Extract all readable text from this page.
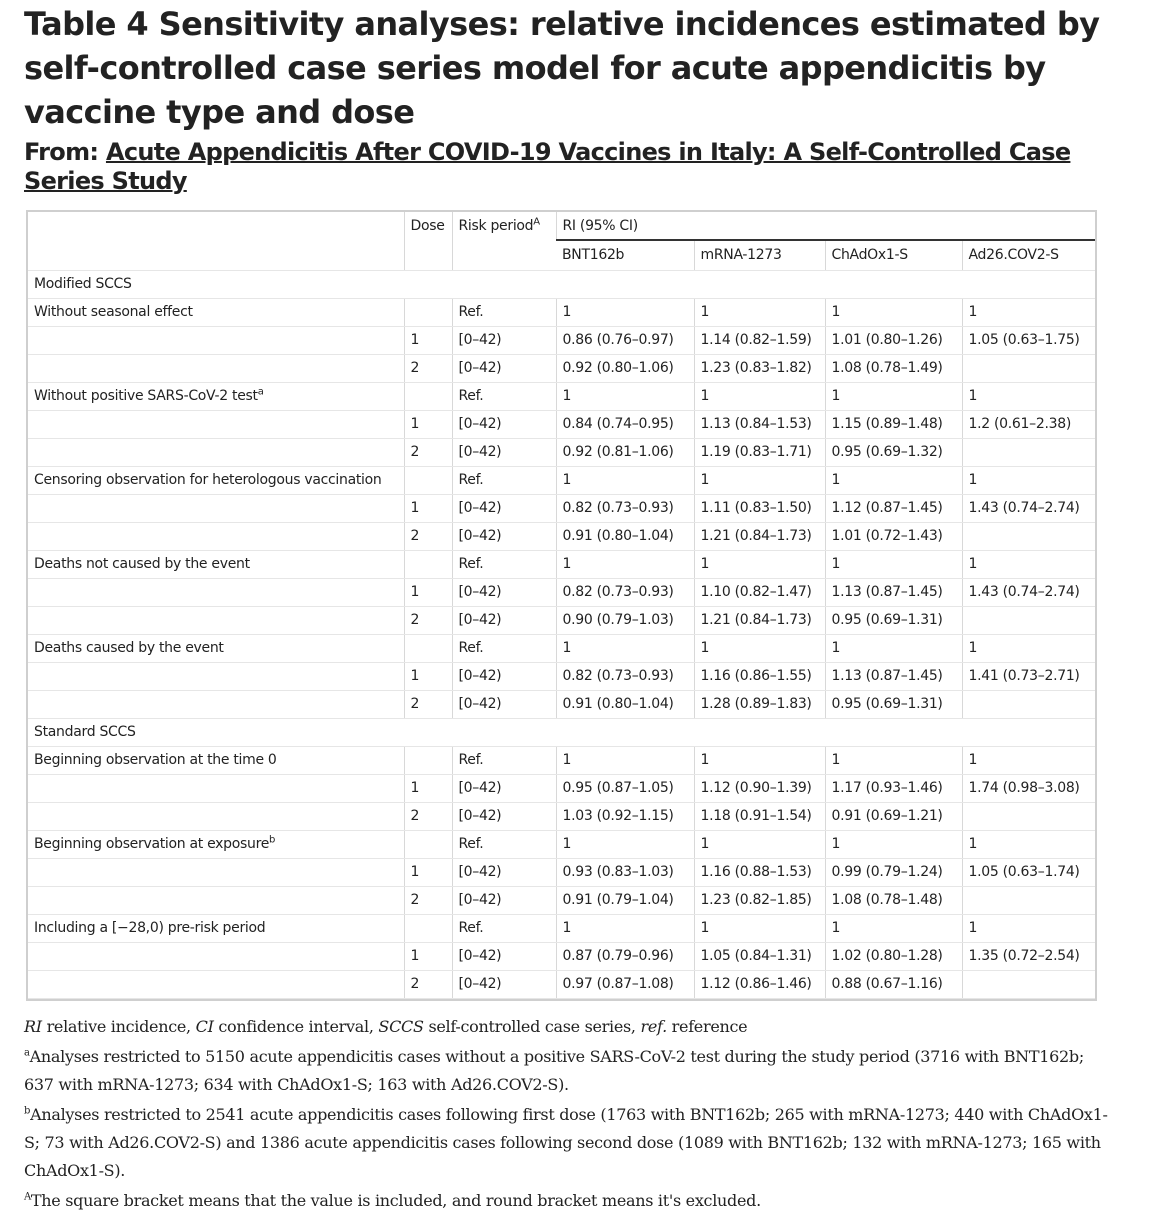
Table 4 Sensitivity analyses: relative incidences estimated by self-controlled case series model for acute appendicitis by vaccine type and dose
From: Acute Appendicitis After COVID-19 Vaccines in Italy: A Self-Controlled Case Series Study
	Dose	Risk period$^A$	RI (95% CI)			
			BNT162b	mRNA-1273	ChAdOx1-S	Ad26.COV2-S
Modified SCCS						
Without seasonal effect		Ref.	1	1	1	1
	1	[0–42)	0.86 (0.76–0.97)	1.14 (0.82–1.59)	1.01 (0.80–1.26)	1.05 (0.63–1.75)
	2	[0–42)	0.92 (0.80–1.06)	1.23 (0.83–1.82)	1.08 (0.78–1.49)	
Without positive SARS-CoV-2 test$^a$		Ref.	1	1	1	1
	1	[0–42)	0.84 (0.74–0.95)	1.13 (0.84–1.53)	1.15 (0.89–1.48)	1.2 (0.61–2.38)
	2	[0–42)	0.92 (0.81–1.06)	1.19 (0.83–1.71)	0.95 (0.69–1.32)	
Censoring observation for heterologous vaccination		Ref.	1	1	1	1
	1	[0–42)	0.82 (0.73–0.93)	1.11 (0.83–1.50)	1.12 (0.87–1.45)	1.43 (0.74–2.74)
	2	[0–42)	0.91 (0.80–1.04)	1.21 (0.84–1.73)	1.01 (0.72–1.43)	
Deaths not caused by the event		Ref.	1	1	1	1
	1	[0–42)	0.82 (0.73–0.93)	1.10 (0.82–1.47)	1.13 (0.87–1.45)	1.43 (0.74–2.74)
	2	[0–42)	0.90 (0.79–1.03)	1.21 (0.84–1.73)	0.95 (0.69–1.31)	
Deaths caused by the event		Ref.	1	1	1	1
	1	[0–42)	0.82 (0.73–0.93)	1.16 (0.86–1.55)	1.13 (0.87–1.45)	1.41 (0.73–2.71)
	2	[0–42)	0.91 (0.80–1.04)	1.28 (0.89–1.83)	0.95 (0.69–1.31)	
Standard SCCS						
Beginning observation at the time 0		Ref.	1	1	1	1
	1	[0–42)	0.95 (0.87–1.05)	1.12 (0.90–1.39)	1.17 (0.93–1.46)	1.74 (0.98–3.08)
	2	[0–42)	1.03 (0.92–1.15)	1.18 (0.91–1.54)	0.91 (0.69–1.21)	
Beginning observation at exposure$^b$		Ref.	1	1	1	1
	1	[0–42)	0.93 (0.83–1.03)	1.16 (0.88–1.53)	0.99 (0.79–1.24)	1.05 (0.63–1.74)
	2	[0–42)	0.91 (0.79–1.04)	1.23 (0.82–1.85)	1.08 (0.78–1.48)	
Including a [−28,0) pre-risk period		Ref.	1	1	1	1
	1	[0–42)	0.87 (0.79–0.96)	1.05 (0.84–1.31)	1.02 (0.80–1.28)	1.35 (0.72–2.54)
	2	[0–42)	0.97 (0.87–1.08)	1.12 (0.86–1.46)	0.88 (0.67–1.16)	

RI relative incidence, CI confidence interval, SCCS self-controlled case series, ref. reference

$^a$Analyses restricted to 5150 acute appendicitis cases without a positive SARS-CoV-2 test during the study period (3716 with BNT162b; 637 with mRNA-1273; 634 with ChAdOx1-S; 163 with Ad26.COV2-S).

$^b$Analyses restricted to 2541 acute appendicitis cases following first dose (1763 with BNT162b; 265 with mRNA-1273; 440 with ChAdOx1-S; 73 with Ad26.COV2-S) and 1386 acute appendicitis cases following second dose (1089 with BNT162b; 132 with mRNA-1273; 165 with ChAdOx1-S).

$^A$The square bracket means that the value is included, and round bracket means it's excluded.
